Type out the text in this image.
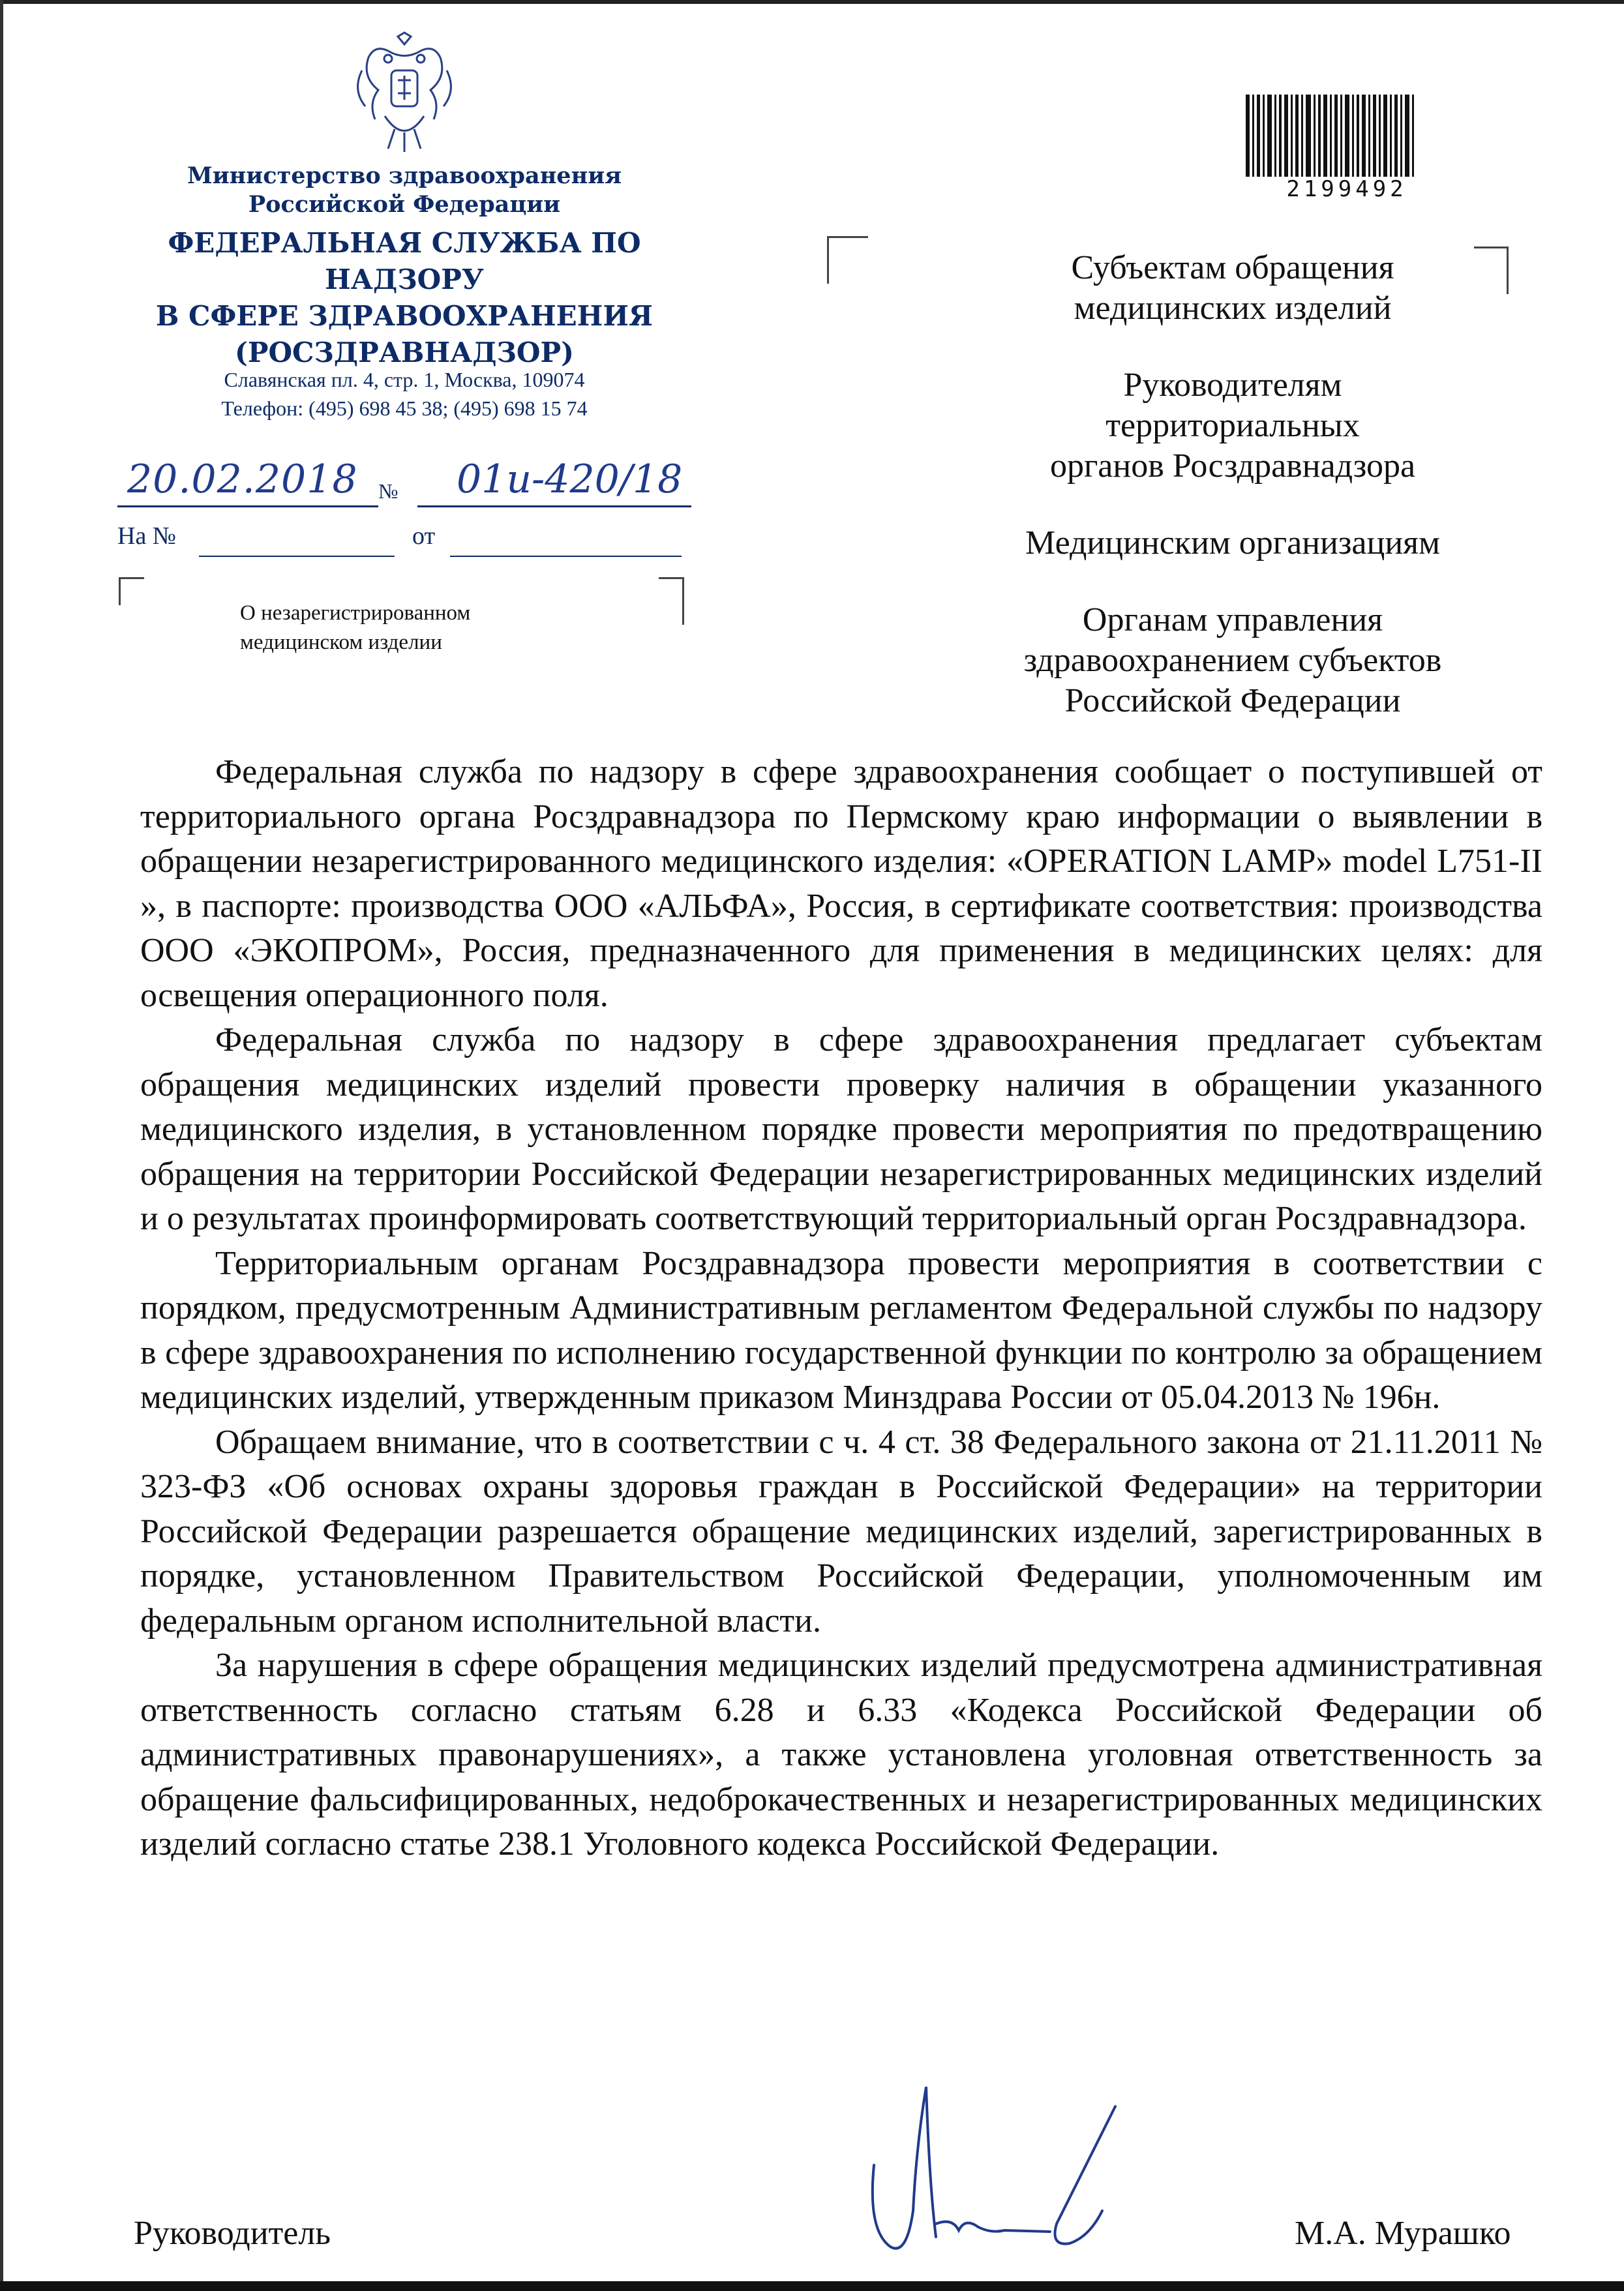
Министерство здравоохранения
Российской Федерации
ФЕДЕРАЛЬНАЯ СЛУЖБА ПО НАДЗОРУ
В СФЕРЕ ЗДРАВООХРАНЕНИЯ
(РОСЗДРАВНАДЗОР)
Славянская пл. 4, стр. 1, Москва, 109074
Телефон: (495) 698 45 38; (495) 698 15 74
20.02.2018 № 01и-420/18
На №	от
О незарегистрированном
медицинском изделии
2199492
Субъектам обращения
медицинских изделий
Руководителям
территориальных
органов Росздравнадзора
Медицинским организациям
Органам управления
здравоохранением субъектов
Российской Федерации

Федеральная служба по надзору в сфере здравоохранения сообщает о поступившей от территориального органа Росздравнадзора по Пермскому краю информации о выявлении в обращении незарегистрированного медицинского изделия: «OPERATION LAMP» model L751-II », в паспорте: производства ООО «АЛЬФА», Россия, в сертификате соответствия: производства ООО «ЭКОПРОМ», Россия, предназначенного для применения в медицинских целях: для освещения операционного поля.

Федеральная служба по надзору в сфере здравоохранения предлагает субъектам обращения медицинских изделий провести проверку наличия в обращении указанного медицинского изделия, в установленном порядке провести мероприятия по предотвращению обращения на территории Российской Федерации незарегистрированных медицинских изделий и о результатах проинформировать соответствующий территориальный орган Росздравнадзора.

Территориальным органам Росздравнадзора провести мероприятия в соответствии с порядком, предусмотренным Административным регламентом Федеральной службы по надзору в сфере здравоохранения по исполнению государственной функции по контролю за обращением медицинских изделий, утвержденным приказом Минздрава России от 05.04.2013 № 196н.

Обращаем внимание, что в соответствии с ч. 4 ст. 38 Федерального закона от 21.11.2011 № 323-ФЗ «Об основах охраны здоровья граждан в Российской Федерации» на территории Российской Федерации разрешается обращение медицинских изделий, зарегистрированных в порядке, установленном Правительством Российской Федерации, уполномоченным им федеральным органом исполнительной власти.

За нарушения в сфере обращения медицинских изделий предусмотрена административная ответственность согласно статьям 6.28 и 6.33 «Кодекса Российской Федерации об административных правонарушениях», а также установлена уголовная ответственность за обращение фальсифицированных, недоброкачественных и незарегистрированных медицинских изделий согласно статье 238.1 Уголовного кодекса Российской Федерации.

Руководитель	М.А. Мурашко
